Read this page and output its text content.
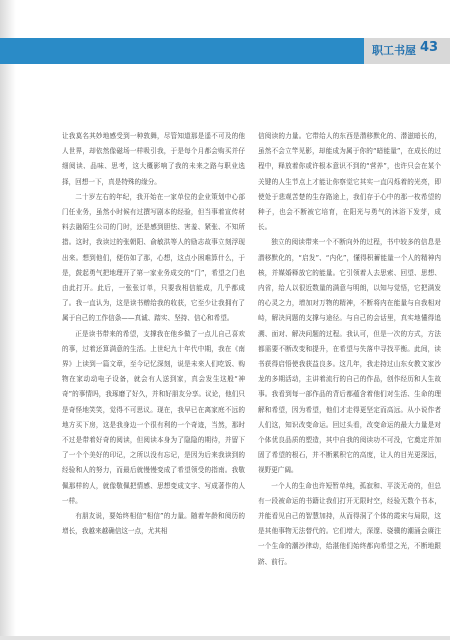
职工书屋 43

让我莫名其妙地感受到一种敦舞，尽管知道那是遥不可及的他人世界，却依然像磁场一样吸引我，于是每个月都会购买并仔细阅读、品味、思考，这大概影响了我的未来之路与职业选择，回想一下，真是特殊的缘分。

二十岁左右的年纪，我开始在一家单位的企业策划中心部门任业务，虽然小时候有过撰写剧本的经验，但当事着宣传材料去融陌生公司的门时，还是感到胆怯、害羞、紧张、不知所措。这时，我读过的张朝阳、俞敏洪等人的励志故事立刻浮现出来。想到他们，便仿如了那，心想，这点小困难算什么，于是，鼓起勇气把地理开了第一家业务成交的“门”，希望之门也由此打开。此后，一张张订单，只要我相信能成，几乎都成了。我一直认为，这是读书赠给我的收获，它至少让我拥有了属于自己的工作信条——真诚、踏实、坚持、信心和希望。

正是读书带来的希望，支撑我在他乡做了一点儿自己喜欢的事，过着还算满意的生活。上世纪九十年代中期，我在《南界》上读到一篇文章，至今记忆深刻，说是未来人们吃饭、购物在家动动电子设备，就会有人送到家，真会发生这般“神奇”的事情吗，我琢磨了好久，并和好朋友分享。议论，他们只是奇怪地笑笑，觉得不可思议。现在，我早已在离家庭不远的地方买下房，这是我身边一个很有利的一个奇迹，当然，那时不过是带着好奇的阅读，但阅读本身为了隐隐的期待，并留下了一个个美好的印记，之所以没有忘记，是因为后来我读到的经验和人的努力，而最后就慢慢变成了希望领受的指南。我敬佩那样的人，就像敬佩把情感、思想变成文字、写成著作的人一样。

有朋友说，要始终相信“相信”的力量。随着年龄和阅历的增长，我越来越确信这一点，尤其相

信阅读的力量。它带给人的东西是潜移默化的、潜滋暗长的，虽然不会立竿见影，却能成为属于你的“暗能量”，在成长的过程中，释放着你或许根本意识不到的“营养”，也许只会在某个关键的人生节点上才能让你察觉它其实一直闪烁着的光亮，即使处于悲观苦楚的生存路途上，我们存于心中的那一枚希望的种子，也会不断被它培育，在阳光与勇气的沐浴下发芽，成长。

独立的阅读带来一个不断向外的过程，书中较多的信息是潜移默化的，“启发”、“内化”，懂得积蓄能量一个人的精神内核，并媒婚释放它的能量。它引领着人去思索、回望、思想、内省，给人以很近数量的满意与明朗，以知与觉悟，它把满发的心灵之力，增加对万物的精神，不断将内在能量与自我相对峙，解决问题的支撑与途径。与自己的会话里，真实地懂得追溯、面对、解决问题的过程。我认可，但是一次的方式，方法都需要不断改变和提升，在希望与失落中寻找平衡。此间，读书获得启悟使我获益良多。这几年，我走持过山东女教文家沙龙的多期活动，主讲着流行的自己的作品，创作经历和人生故事。我看到每一部作品的背后都蕴含着他们对生活、生命的理解和希望，因为希望，他们才走得更坚定而高远。从小说作者人们这，知识改变命运。回过头看，改变命运的最大力量是对个体优良品质的塑造，其中自我的阅读功不可没，它奠定并加固了希望的根石，并不断累积它的高度，让人的目光更深远，视野更广阔。

一个人的生命也许短暂单纯，孤寂和、平淡无奇的，但总有一段被命运的书籍让我们打开无限时空，经验无数个书本，并能看见自己的智慧加持，从而得洞了个体的霞宋与局限，这是其他事物无法替代的。它们增大，深邃、骁骥的潮涌会赓注一个生命的潮沙律动，给湛他们始终都向希望之光，不断地跟跻、前行。
